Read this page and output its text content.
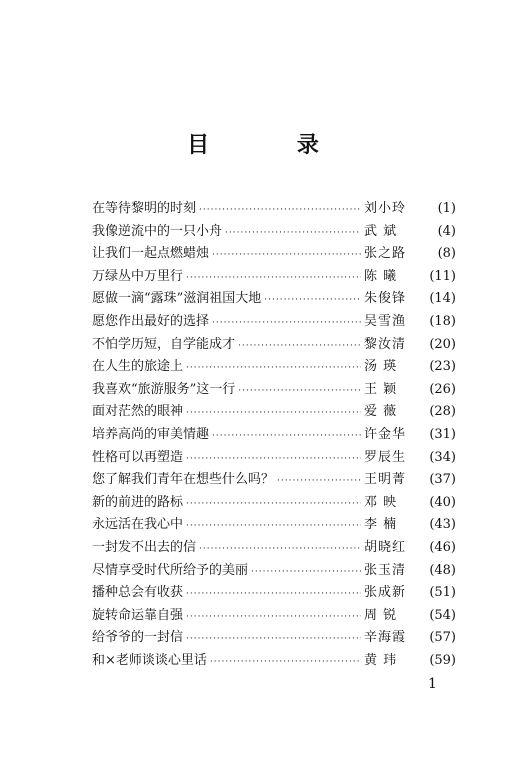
目 录
在等待黎明的时刻 ·····	刘小玲	(1)
我像逆流中的一只小舟 ·····	武 斌	(4)
让我们一起点燃蜡烛 ·····	张之路	(8)
万绿丛中万里行 ·····	陈 曦	(11)
愿做一滴“露珠”滋润祖国大地 ·····	朱俊锋	(14)
愿您作出最好的选择 ·····	吴雪渔	(18)
不怕学历短，自学能成才 ·····	黎汝清	(20)
在人生的旅途上 ·····	汤 瑛	(23)
我喜欢“旅游服务”这一行 ·····	王 颖	(26)
面对茫然的眼神 ·····	爱 薇	(28)
培养高尚的审美情趣 ·····	许金华	(31)
性格可以再塑造 ·····	罗辰生	(34)
您了解我们青年在想些什么吗？ ·····	王明菁	(37)
新的前进的路标 ·····	邓 映	(40)
永远活在我心中 ·····	李 楠	(43)
一封发不出去的信 ·····	胡晓红	(46)
尽情享受时代所给予的美丽 ·····	张玉清	(48)
播种总会有收获 ·····	张成新	(51)
旋转命运靠自强 ·····	周 锐	(54)
给爷爷的一封信 ·····	辛海霞	(57)
和×老师谈谈心里话 ·····	黄 玮	(59)
1
